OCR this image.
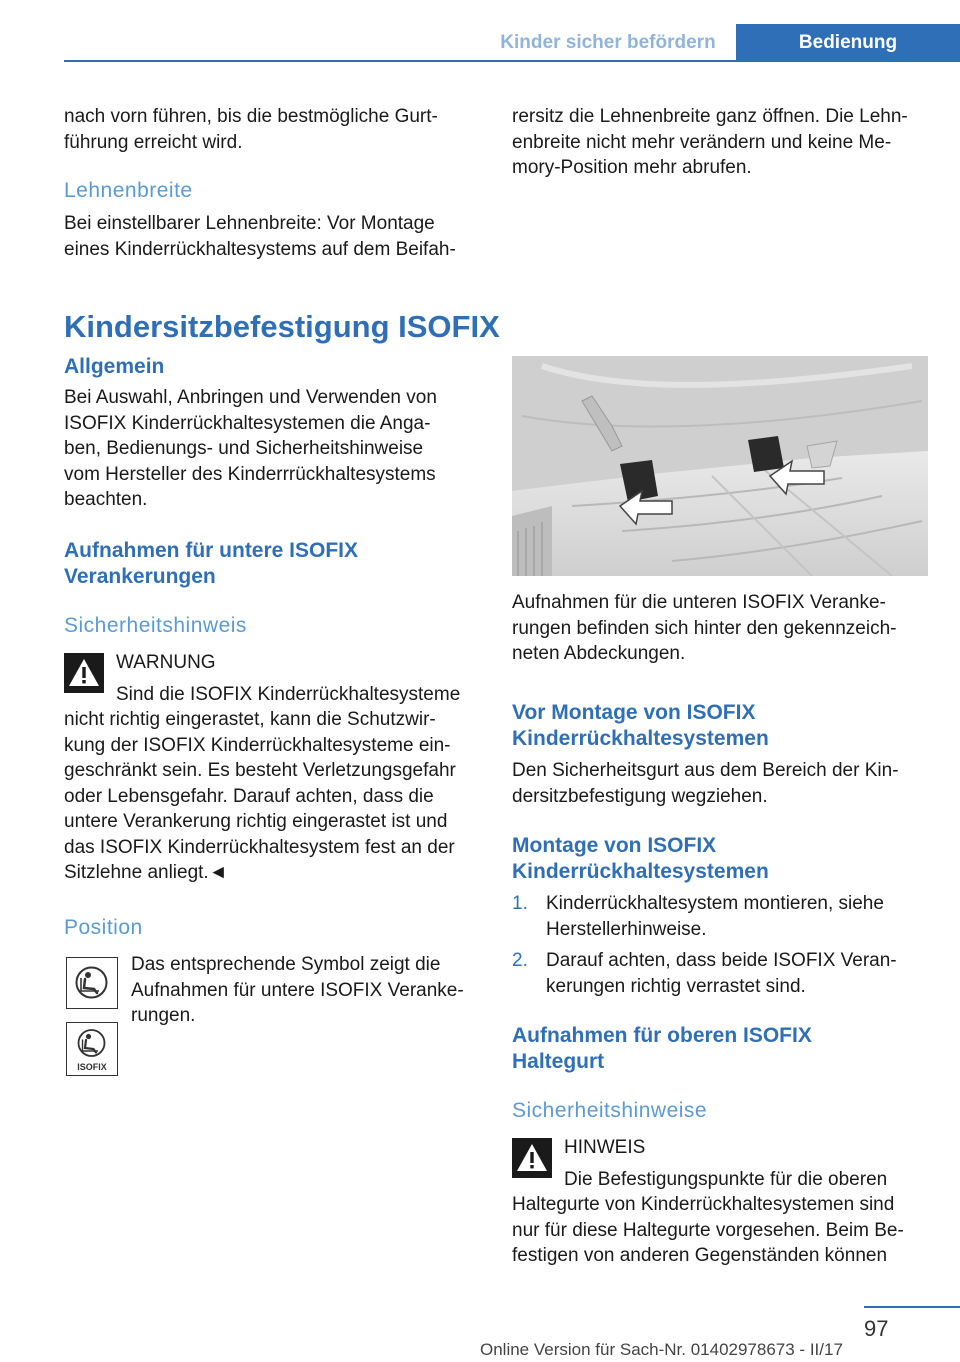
Kinder sicher befördern	Bedienung
nach vorn führen, bis die bestmögliche Gurt-
führung erreicht wird.
Lehnenbreite
Bei einstellbarer Lehnenbreite: Vor Montage
eines Kinderrückhaltesystems auf dem Beifah-
Kindersitzbefestigung ISOFIX
Allgemein
Bei Auswahl, Anbringen und Verwenden von
ISOFIX Kinderrückhaltesystemen die Anga-
ben, Bedienungs- und Sicherheitshinweise
vom Hersteller des Kinderrrückhaltesystems
beachten.
Aufnahmen für untere ISOFIX
Verankerungen
Sicherheitshinweis
WARNUNG
Sind die ISOFIX Kinderrückhaltesysteme
nicht richtig eingerastet, kann die Schutzwir-
kung der ISOFIX Kinderrückhaltesysteme ein-
geschränkt sein. Es besteht Verletzungsgefahr
oder Lebensgefahr. Darauf achten, dass die
untere Verankerung richtig eingerastet ist und
das ISOFIX Kinderrückhaltesystem fest an der
Sitzlehne anliegt.◄
Position
ISOFIX
Das entsprechende Symbol zeigt die
Aufnahmen für untere ISOFIX Veranke-
rungen.
rersitz die Lehnenbreite ganz öffnen. Die Lehn-
enbreite nicht mehr verändern und keine Me-
mory-Position mehr abrufen.
Aufnahmen für die unteren ISOFIX Veranke-
rungen befinden sich hinter den gekennzeich-
neten Abdeckungen.
Vor Montage von ISOFIX
Kinderrückhaltesystemen
Den Sicherheitsgurt aus dem Bereich der Kin-
dersitzbefestigung wegziehen.
Montage von ISOFIX
Kinderrückhaltesystemen
1. Kinderrückhaltesystem montieren, siehe
Herstellerhinweise.
2. Darauf achten, dass beide ISOFIX Veran-
kerungen richtig verrastet sind.
Aufnahmen für oberen ISOFIX
Haltegurt
Sicherheitshinweise
HINWEIS
Die Befestigungspunkte für die oberen
Haltegurte von Kinderrückhaltesystemen sind
nur für diese Haltegurte vorgesehen. Beim Be-
festigen von anderen Gegenständen können
97
Online Version für Sach-Nr. 01402978673 - II/17
